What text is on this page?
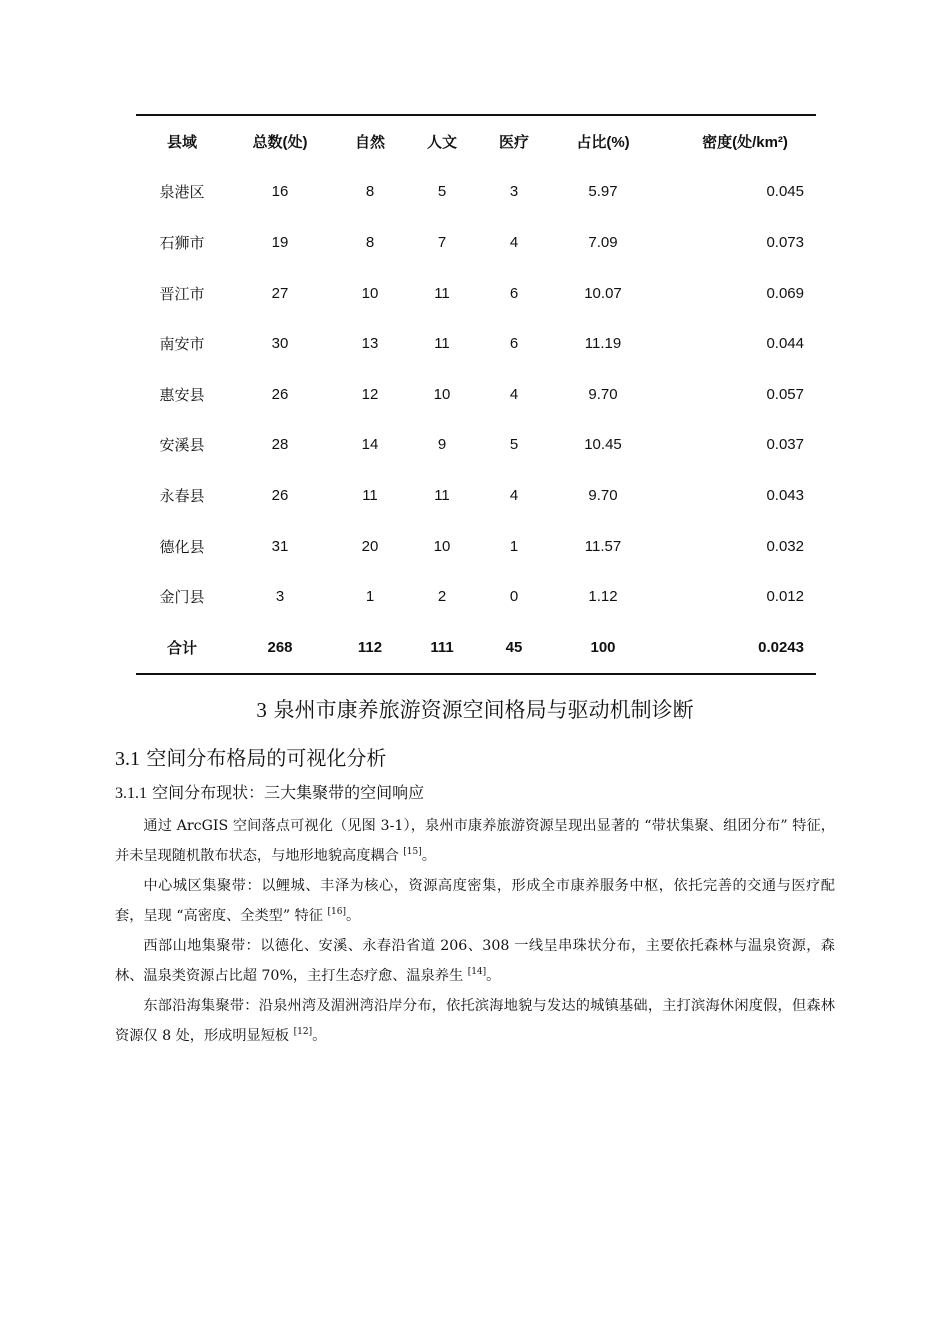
县域	总数(处)	自然	人文	医疗	占比(%)	密度(处/km²)
泉港区	16	8	5	3	5.97	0.045
石狮市	19	8	7	4	7.09	0.073
晋江市	27	10	11	6	10.07	0.069
南安市	30	13	11	6	11.19	0.044
惠安县	26	12	10	4	9.70	0.057
安溪县	28	14	9	5	10.45	0.037
永春县	26	11	11	4	9.70	0.043
德化县	31	20	10	1	11.57	0.032
金门县	3	1	2	0	1.12	0.012
合计	268	112	111	45	100	0.0243
3 泉州市康养旅游资源空间格局与驱动机制诊断
3.1 空间分布格局的可视化分析
3.1.1 空间分布现状：三大集聚带的空间响应

通过 ArcGIS 空间落点可视化（见图 3-1），泉州市康养旅游资源呈现出显著的 “带状集聚、组团分布” 特征，并未呈现随机散布状态，与地形地貌高度耦合 [15]。

中心城区集聚带：以鲤城、丰泽为核心，资源高度密集，形成全市康养服务中枢，依托完善的交通与医疗配套，呈现 “高密度、全类型” 特征 [16]。

西部山地集聚带：以德化、安溪、永春沿省道 206、308 一线呈串珠状分布，主要依托森林与温泉资源，森林、温泉类资源占比超 70%，主打生态疗愈、温泉养生 [14]。

东部沿海集聚带：沿泉州湾及湄洲湾沿岸分布，依托滨海地貌与发达的城镇基础，主打滨海休闲度假，但森林资源仅 8 处，形成明显短板 [12]。
